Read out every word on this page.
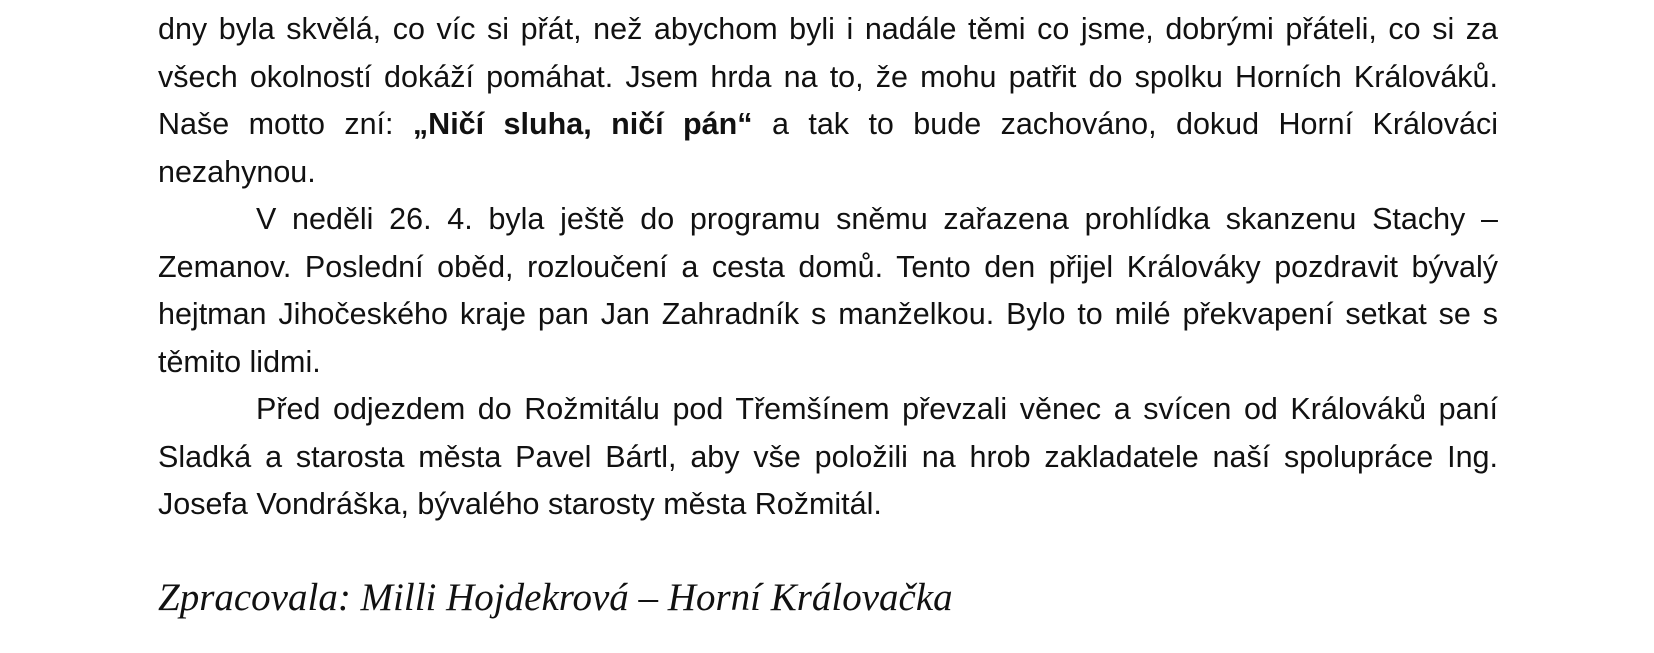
dny byla skvělá, co víc si přát, než abychom byli i nadále těmi co jsme, dobrými přáteli, co si za všech okolností dokáží pomáhat. Jsem hrda na to, že mohu patřit do spolku Horních Králováků. Naše motto zní: „Ničí sluha, ničí pán“ a tak to bude zachováno, dokud Horní Králováci nezahynou.

V neděli 26. 4. byla ještě do programu sněmu zařazena prohlídka skanzenu Stachy – Zemanov. Poslední oběd, rozloučení a cesta domů. Tento den přijel Králováky pozdravit bývalý hejtman Jihočeského kraje pan Jan Zahradník s manželkou. Bylo to milé překvapení setkat se s těmito lidmi.

Před odjezdem do Rožmitálu pod Třemšínem převzali věnec a svícen od Králováků paní Sladká a starosta města Pavel Bártl, aby vše položili na hrob zakladatele naší spolupráce Ing. Josefa Vondráška, bývalého starosty města Rožmitál.

Zpracovala: Milli Hojdekrová – Horní Královačka
